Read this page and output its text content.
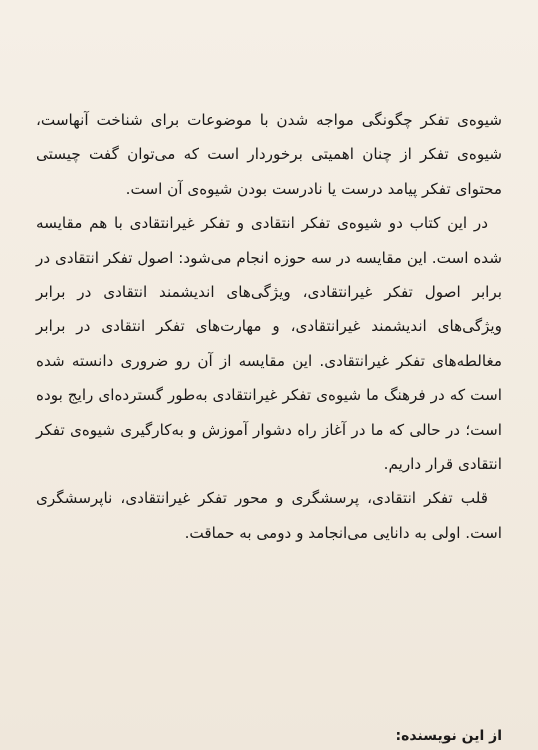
شیوه‌ی تفکر چگونگی مواجه شدن با موضوعات برای شناخت آنهاست، شیوه‌ی تفکر از چنان اهمیتی برخوردار است که می‌توان گفت چیستی محتوای تفکر پیامد درست یا نادرست بودن شیوه‌ی آن است.

در این کتاب دو شیوه‌ی تفکر انتقادی و تفکر غیرانتقادی با هم مقایسه شده است. این مقایسه در سه حوزه انجام می‌شود: اصول تفکر انتقادی در برابر اصول تفکر غیرانتقادی، ویژگی‌های اندیشمند انتقادی در برابر ویژگی‌های اندیشمند غیرانتقادی، و مهارت‌های تفکر انتقادی در برابر مغالطه‌های تفکر غیرانتقادی. این مقایسه از آن رو ضروری دانسته شده است که در فرهنگ ما شیوه‌ی تفکر غیرانتقادی به‌طور گسترده‌ای رایج بوده است؛ در حالی که ما در آغاز راه دشوار آموزش و به‌کارگیری شیوه‌ی تفکر انتقادی قرار داریم.

قلب تفکر انتقادی، پرسشگری و محور تفکر غیرانتقادی، ناپرسشگری است. اولی به دانایی می‌انجامد و دومی به حماقت.

از این نویسنده:
